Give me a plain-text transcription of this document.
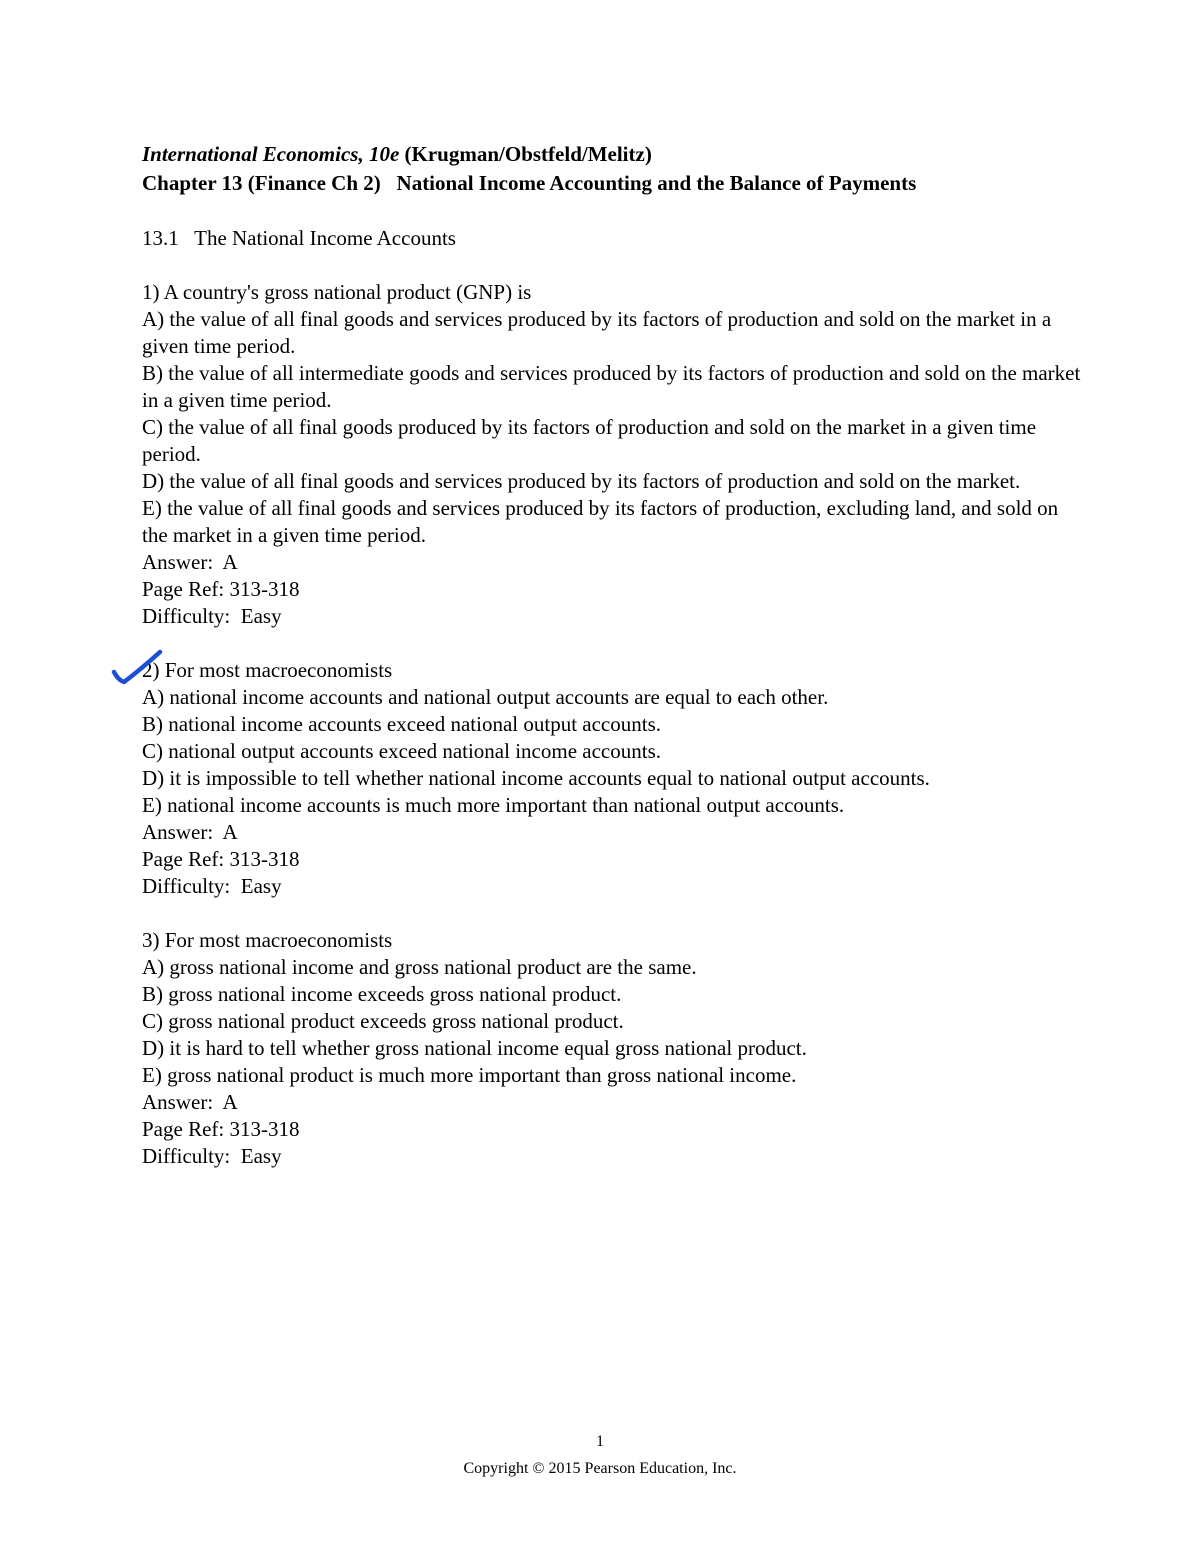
International Economics, 10e (Krugman/Obstfeld/Melitz)
Chapter 13 (Finance Ch 2)   National Income Accounting and the Balance of Payments
13.1   The National Income Accounts
1) A country's gross national product (GNP) is
A) the value of all final goods and services produced by its factors of production and sold on the market in a given time period.
B) the value of all intermediate goods and services produced by its factors of production and sold on the market in a given time period.
C) the value of all final goods produced by its factors of production and sold on the market in a given time period.
D) the value of all final goods and services produced by its factors of production and sold on the market.
E) the value of all final goods and services produced by its factors of production, excluding land, and sold on the market in a given time period.
Answer:  A
Page Ref: 313-318
Difficulty:  Easy
2) For most macroeconomists
A) national income accounts and national output accounts are equal to each other.
B) national income accounts exceed national output accounts.
C) national output accounts exceed national income accounts.
D) it is impossible to tell whether national income accounts equal to national output accounts.
E) national income accounts is much more important than national output accounts.
Answer:  A
Page Ref: 313-318
Difficulty:  Easy
3) For most macroeconomists
A) gross national income and gross national product are the same.
B) gross national income exceeds gross national product.
C) gross national product exceeds gross national product.
D) it is hard to tell whether gross national income equal gross national product.
E) gross national product is much more important than gross national income.
Answer:  A
Page Ref: 313-318
Difficulty:  Easy
1
Copyright © 2015 Pearson Education, Inc.
